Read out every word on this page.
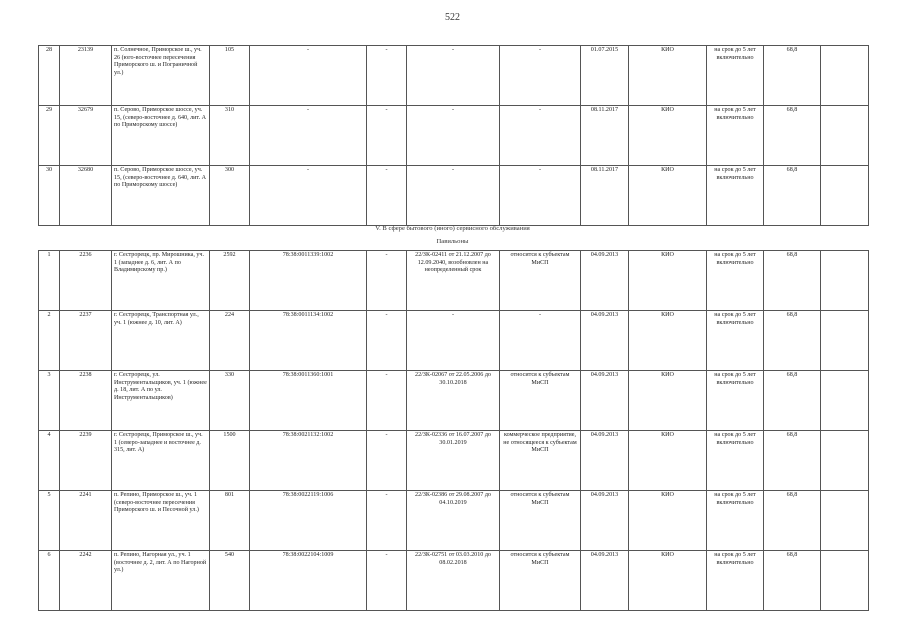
522
28	23139	п. Солнечное, Приморское ш., уч. 26 (юго-восточнее пересечения Приморского ш. и Пограничной ул.)	105	-	-	-	-	01.07.2015	КИО	на срок до 5 лет включительно	68,8	
29	32679	п. Серово, Приморское шоссе, уч. 15, (северо-восточнее д. 640, лит. А по Приморскому шоссе)	310	-	-	-	-	08.11.2017	КИО	на срок до 5 лет включительно	68,8	
30	32680	п. Серово, Приморское шоссе, уч. 15, (северо-восточнее д. 640, лит. А по Приморскому шоссе)	300	-	-	-	-	08.11.2017	КИО	на срок до 5 лет включительно	68,8	
V. В сфере бытового (иного) сервисного обслуживания
Павильоны
1	2236	г. Сестрорецк, пр. Мирошника, уч. 1 (западнее д. 6, лит. А по Владимирскому пр.)	2592	78:38:0011339:1002	-	22/ЗК-02411 от 21.12.2007 до 12.09.2040, возобновлен на неопределенный срок	относится к субъектам МиСП	04.09.2013	КИО	на срок до 5 лет включительно	68,8	
2	2237	г. Сестрорецк, Транспортная ул., уч. 1 (южнее д. 10, лит. А)	224	78:38:0011134:1002	-	-	-	04.09.2013	КИО	на срок до 5 лет включительно	68,8	
3	2238	г. Сестрорецк, ул. Инструментальщиков, уч. 1 (южнее д. 18, лит. А по ул. Инструментальщиков)	330	78:38:0011360:1001	-	22/ЗК-02067 от 22.05.2006 до 30.10.2018	относится к субъектам МиСП	04.09.2013	КИО	на срок до 5 лет включительно	68,8	
4	2239	г. Сестрорецк, Приморское ш., уч. 1 (северо-западнее и восточнее д. 315, лит. А)	1500	78:38:0021132:1002	-	22/ЗК-02336 от 16.07.2007 до 30.01.2019	коммерческое предприятие, не относящееся к субъектам МиСП	04.09.2013	КИО	на срок до 5 лет включительно	68,8	
5	2241	п. Репино, Приморское ш., уч. 1 (северо-восточнее пересечения Приморского ш. и Песочной ул.)	801	78:38:0022119:1006	-	22/ЗК-02386 от 29.08.2007 до 04.10.2019	относится к субъектам МиСП	04.09.2013	КИО	на срок до 5 лет включительно	68,8	
6	2242	п. Репино, Нагорная ул., уч. 1 (восточнее д. 2, лит. А по Нагорной ул.)	540	78:38:0022104:1009	-	22/ЗК-02751 от 03.03.2010 до 08.02.2018	относится к субъектам МиСП	04.09.2013	КИО	на срок до 5 лет включительно	68,8	
